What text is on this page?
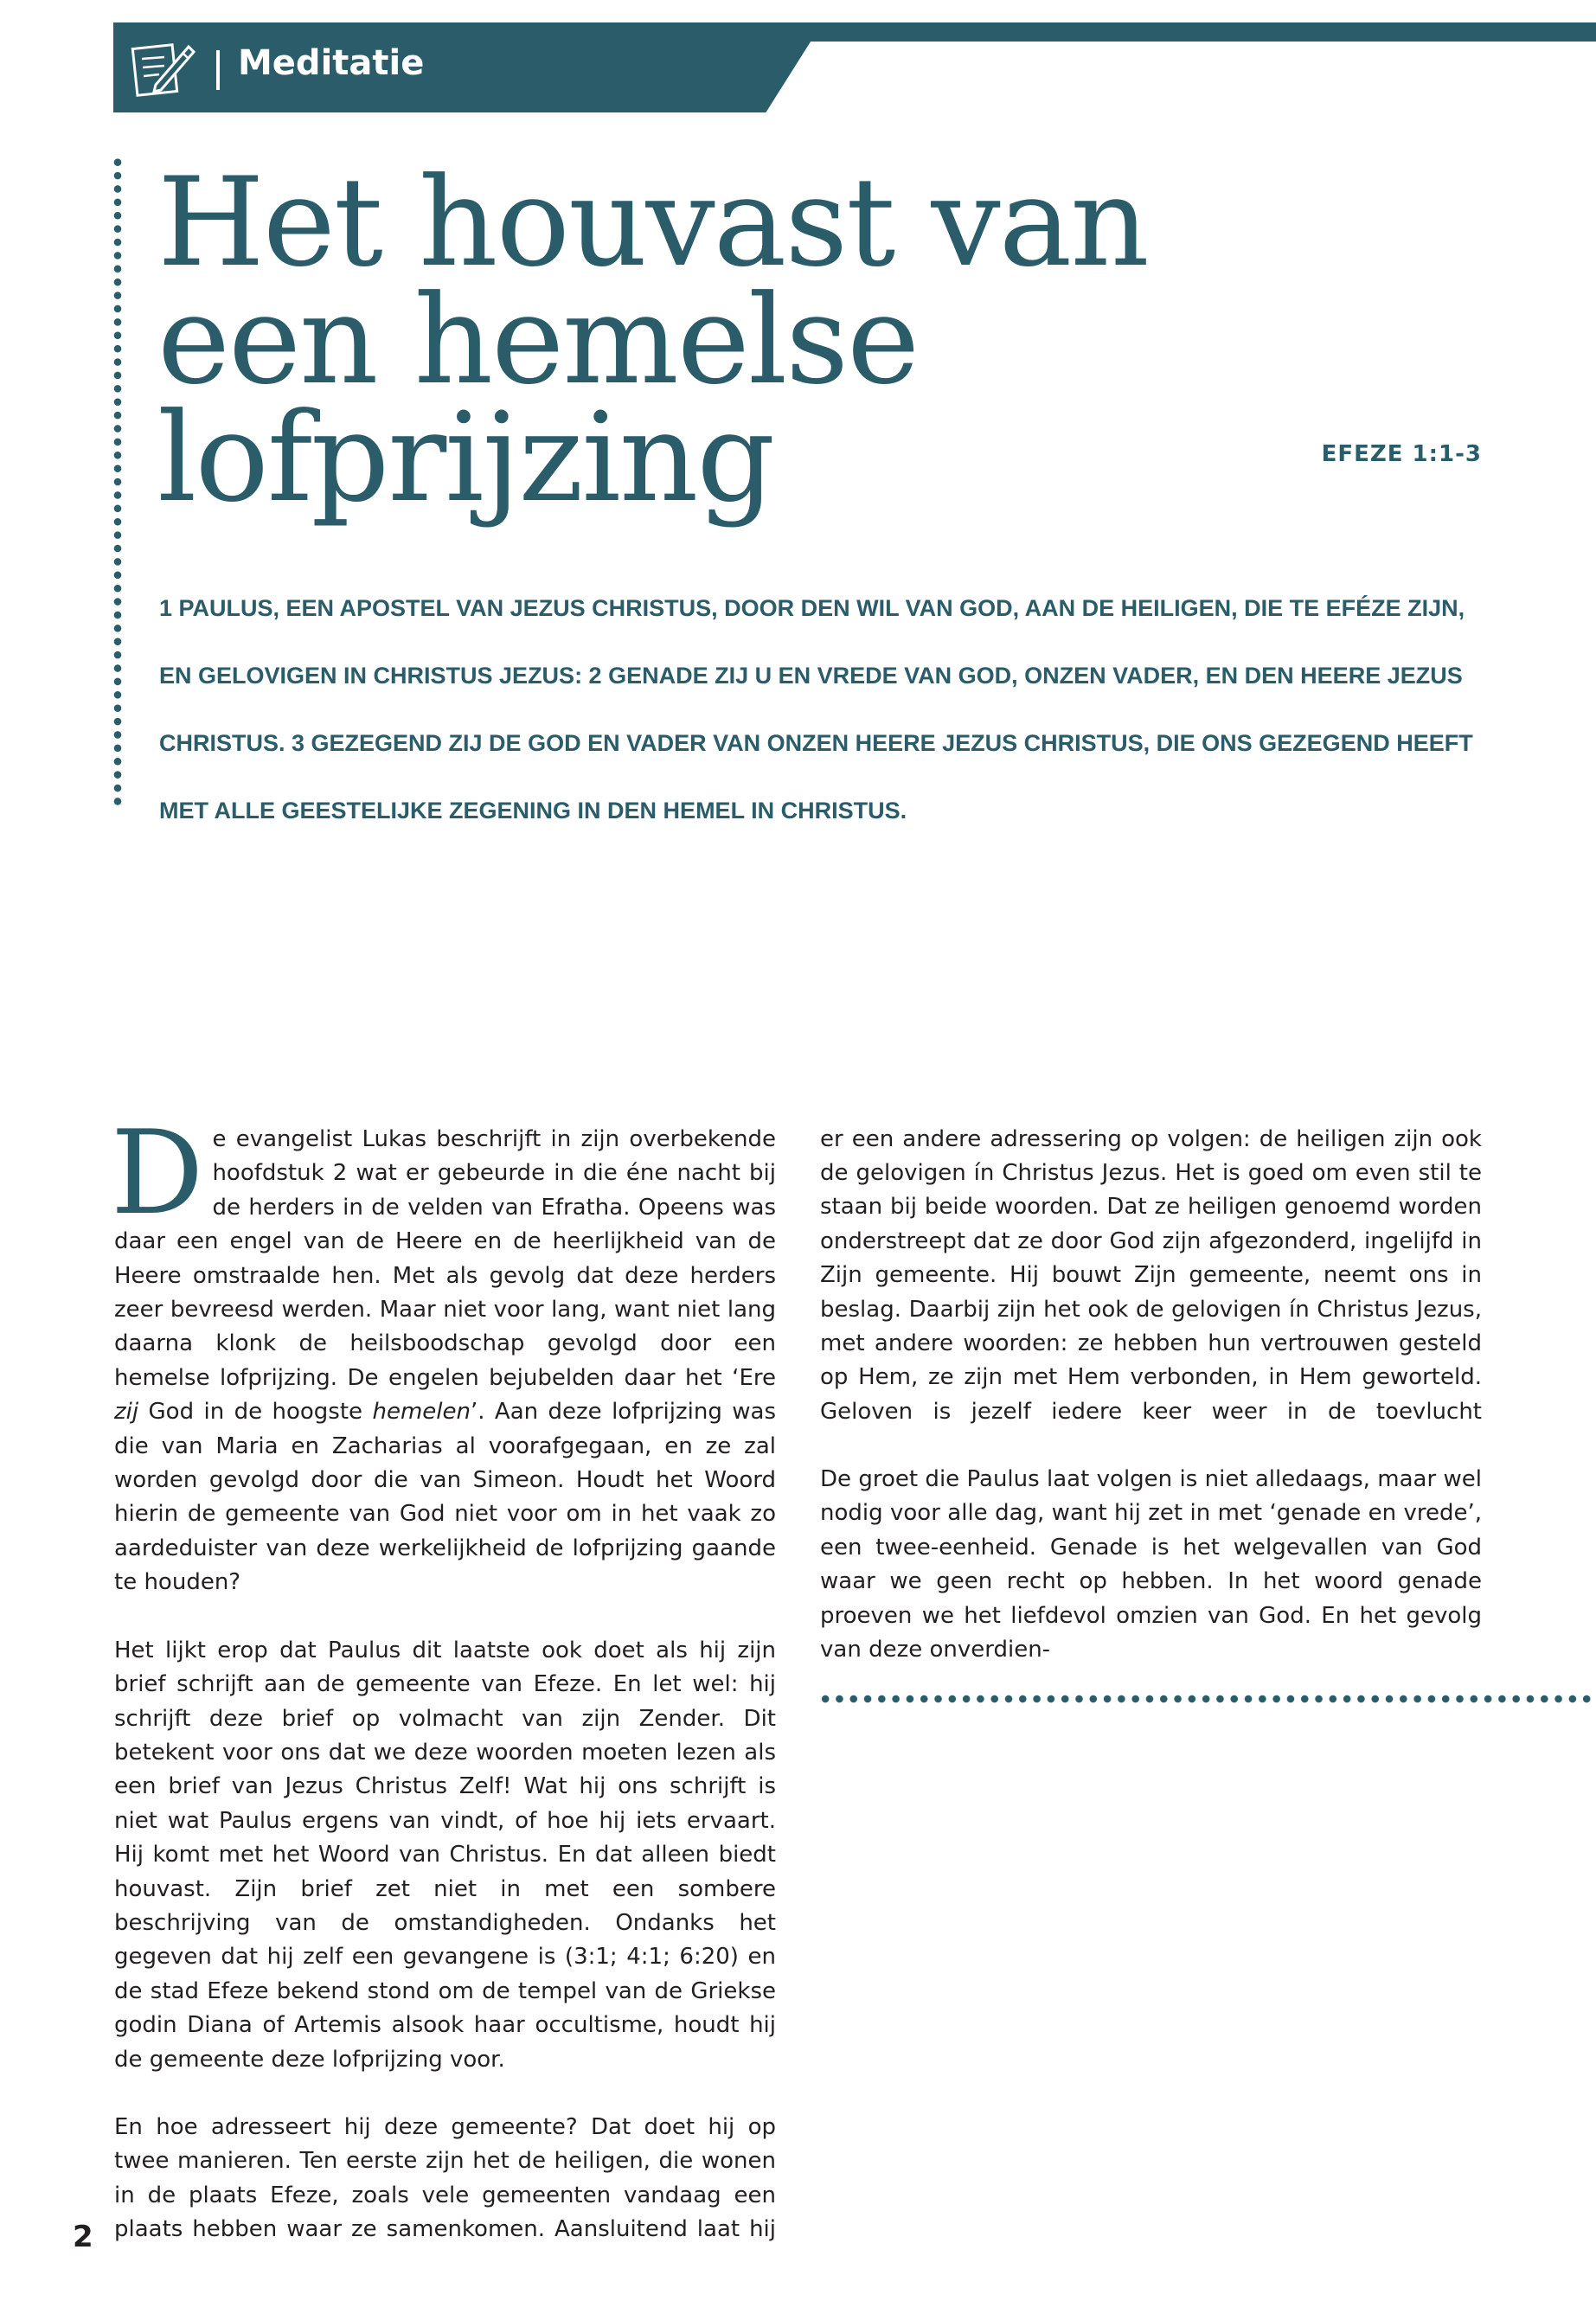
Meditatie
Het houvast van
een hemelse lofprijzing	EFEZE 1:1-3
1 PAULUS, EEN APOSTEL VAN JEZUS CHRISTUS, DOOR DEN WIL VAN GOD, AAN DE HEILIGEN, DIE TE EFÉZE ZIJN,
EN GELOVIGEN IN CHRISTUS JEZUS: 2 GENADE ZIJ U EN VREDE VAN GOD, ONZEN VADER, EN DEN HEERE JEZUS
CHRISTUS. 3 GEZEGEND ZIJ DE GOD EN VADER VAN ONZEN HEERE JEZUS CHRISTUS, DIE ONS GEZEGEND HEEFT
MET ALLE GEESTELIJKE ZEGENING IN DEN HEMEL IN CHRISTUS.

De evangelist Lukas beschrijft in zijn overbekende hoofdstuk 2 wat er gebeurde in die éne nacht bij de herders in de velden van Efratha. Opeens was daar een engel van de Heere en de heerlijkheid van de Heere omstraalde hen. Met als gevolg dat deze herders zeer bevreesd werden. Maar niet voor lang, want niet lang daarna klonk de heilsboodschap gevolgd door een hemelse lofprijzing. De engelen bejubelden daar het ‘Ere zij God in de hoogste hemelen’. Aan deze lofprijzing was die van Maria en Zacharias al voorafgegaan, en ze zal worden gevolgd door die van Simeon. Houdt het Woord hierin de gemeente van God niet voor om in het vaak zo aardeduister van deze werkelijkheid de lofprijzing gaande te houden?

Het lijkt erop dat Paulus dit laatste ook doet als hij zijn brief schrijft aan de gemeente van Efeze. En let wel: hij schrijft deze brief op volmacht van zijn Zender. Dit betekent voor ons dat we deze woorden moeten lezen als een brief van Jezus Christus Zelf! Wat hij ons schrijft is niet wat Paulus ergens van vindt, of hoe hij iets ervaart. Hij komt met het Woord van Christus. En dat alleen biedt houvast. Zijn brief zet niet in met een sombere beschrijving van de omstandigheden. Ondanks het gegeven dat hij zelf een gevangene is (3:1; 4:1; 6:20) en de stad Efeze bekend stond om de tempel van de Griekse godin Diana of Artemis alsook haar occultisme, houdt hij de gemeente deze lofprijzing voor.

En hoe adresseert hij deze gemeente? Dat doet hij op twee manieren. Ten eerste zijn het de heiligen, die wonen in de plaats Efeze, zoals vele gemeenten vandaag een plaats hebben waar ze samenkomen. Aansluitend laat hij

er een andere adressering op volgen: de heiligen zijn ook de gelovigen ín Christus Jezus. Het is goed om even stil te staan bij beide woorden. Dat ze heiligen genoemd worden onderstreept dat ze door God zijn afgezonderd, ingelijfd in Zijn gemeente. Hij bouwt Zijn gemeente, neemt ons in beslag. Daarbij zijn het ook de gelovigen ín Christus Jezus, met andere woorden: ze hebben hun vertrouwen gesteld op Hem, ze zijn met Hem verbonden, in Hem geworteld. Geloven is jezelf iedere keer weer in de toevlucht

De groet die Paulus laat volgen is niet alledaags, maar wel nodig voor alle dag, want hij zet in met ‘genade en vrede’, een twee-eenheid. Genade is het welgevallen van God waar we geen recht op hebben. In het woord genade proeven we het liefdevol omzien van God. En het gevolg van deze onverdien-

2
